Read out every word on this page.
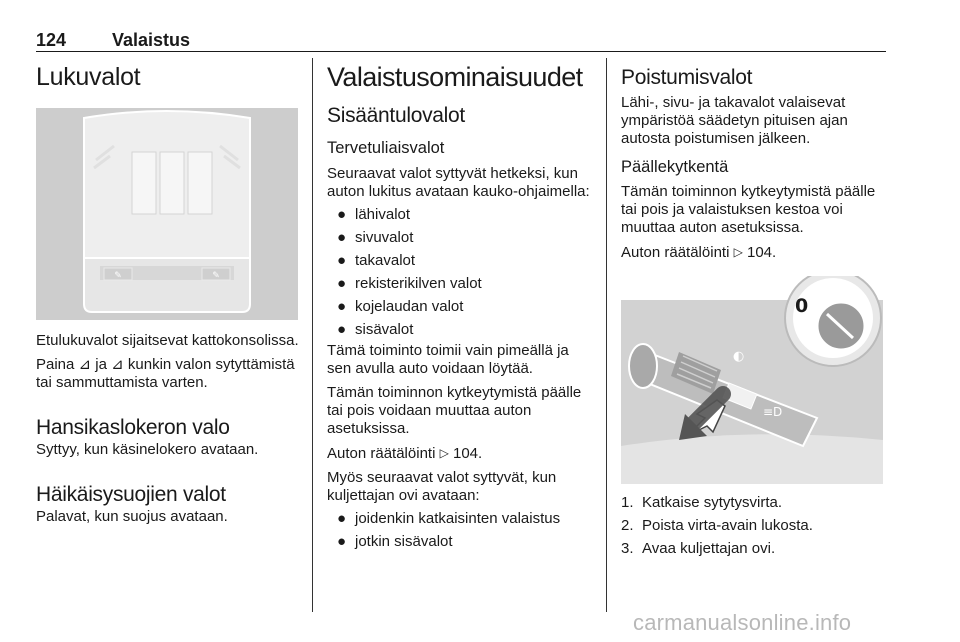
124	Valaistus
Lukuvalot
✎	✎

Etulukuvalot sijaitsevat kattokonsolissa.

Paina ⊿ ja ⊿ kunkin valon sytyttämistä tai sammuttamista varten.

Hansikaslokeron valo

Syttyy, kun käsinelokero avataan.

Häikäisysuojien valot

Palavat, kun suojus avataan.

Valaistusominaisuudet
Sisääntulovalot
Tervetuliaisvalot

Seuraavat valot syttyvät hetkeksi, kun auton lukitus avataan kauko-ohjaimella:

● lähivalot
● sivuvalot
● takavalot
● rekisterikilven valot
● kojelaudan valot
● sisävalot

Tämä toiminto toimii vain pimeällä ja sen avulla auto voidaan löytää.

Tämän toiminnon kytkeytymistä päälle tai pois voidaan muuttaa auton asetuksissa.

Auton räätälöinti ▷ 104.

Myös seuraavat valot syttyvät, kun kuljettajan ovi avataan:

● joidenkin katkaisinten valaistus
● jotkin sisävalot
Poistumisvalot

Lähi-, sivu- ja takavalot valaisevat ympäristöä säädetyn pituisen ajan autosta poistumisen jälkeen.

Päällekytkentä

Tämän toiminnon kytkeytymistä päälle tai pois ja valaistuksen kestoa voi muuttaa auton asetuksissa.

Auton räätälöinti ▷ 104.

◐
≡D
0
1. Katkaise sytytysvirta.
2. Poista virta-avain lukosta.
3. Avaa kuljettajan ovi.
carmanualsonline.info
